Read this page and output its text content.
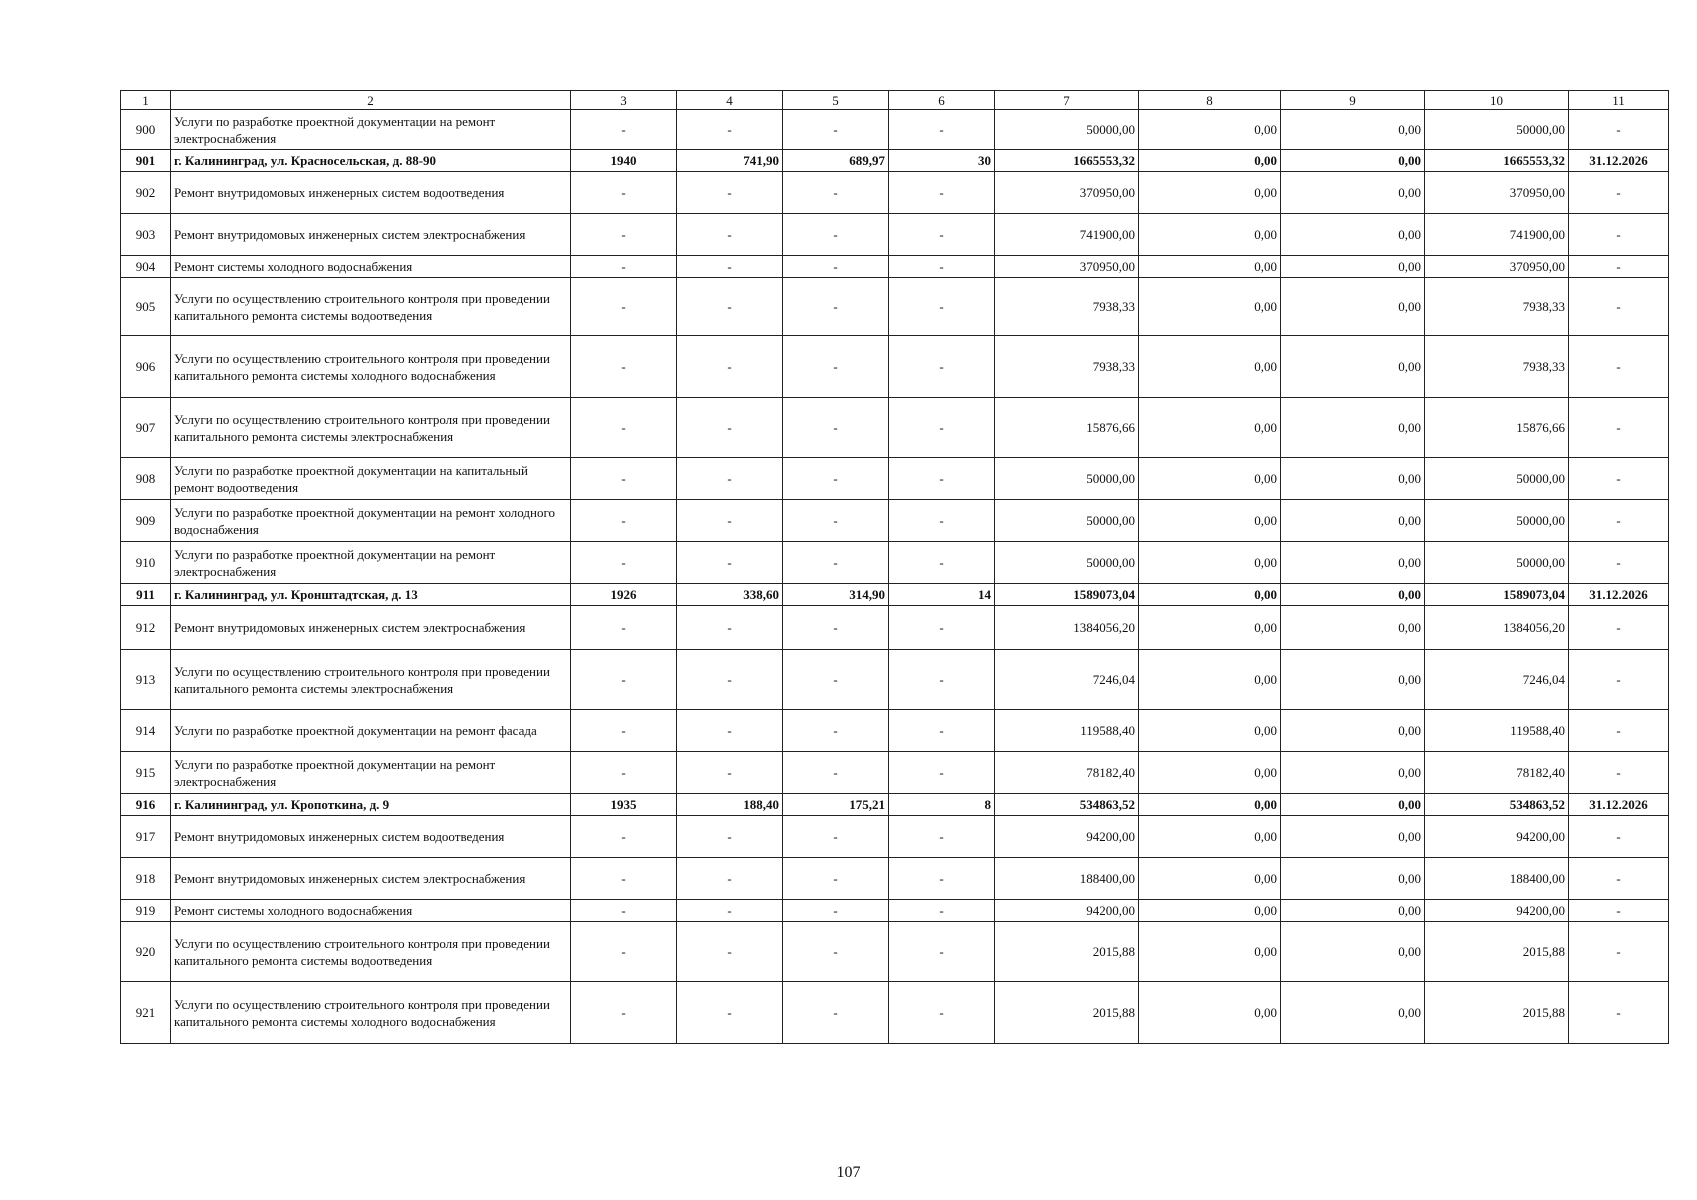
1	2	3	4	5	6	7	8	9	10	11
900	Услуги по разработке проектной документации на ремонт электроснабжения	-	-	-	-	50000,00	0,00	0,00	50000,00	-
901	г. Калининград, ул. Красносельская, д. 88-90	1940	741,90	689,97	30	1665553,32	0,00	0,00	1665553,32	31.12.2026
902	Ремонт внутридомовых инженерных систем водоотведения	-	-	-	-	370950,00	0,00	0,00	370950,00	-
903	Ремонт внутридомовых инженерных систем электроснабжения	-	-	-	-	741900,00	0,00	0,00	741900,00	-
904	Ремонт системы холодного водоснабжения	-	-	-	-	370950,00	0,00	0,00	370950,00	-
905	Услуги по осуществлению строительного контроля при проведении капитального ремонта системы водоотведения	-	-	-	-	7938,33	0,00	0,00	7938,33	-
906	Услуги по осуществлению строительного контроля при проведении капитального ремонта системы холодного водоснабжения	-	-	-	-	7938,33	0,00	0,00	7938,33	-
907	Услуги по осуществлению строительного контроля при проведении капитального ремонта системы электроснабжения	-	-	-	-	15876,66	0,00	0,00	15876,66	-
908	Услуги по разработке проектной документации на капитальный ремонт водоотведения	-	-	-	-	50000,00	0,00	0,00	50000,00	-
909	Услуги по разработке проектной документации на ремонт холодного водоснабжения	-	-	-	-	50000,00	0,00	0,00	50000,00	-
910	Услуги по разработке проектной документации на ремонт электроснабжения	-	-	-	-	50000,00	0,00	0,00	50000,00	-
911	г. Калининград, ул. Кронштадтская, д. 13	1926	338,60	314,90	14	1589073,04	0,00	0,00	1589073,04	31.12.2026
912	Ремонт внутридомовых инженерных систем электроснабжения	-	-	-	-	1384056,20	0,00	0,00	1384056,20	-
913	Услуги по осуществлению строительного контроля при проведении капитального ремонта системы электроснабжения	-	-	-	-	7246,04	0,00	0,00	7246,04	-
914	Услуги по разработке проектной документации на ремонт фасада	-	-	-	-	119588,40	0,00	0,00	119588,40	-
915	Услуги по разработке проектной документации на ремонт электроснабжения	-	-	-	-	78182,40	0,00	0,00	78182,40	-
916	г. Калининград, ул. Кропоткина, д. 9	1935	188,40	175,21	8	534863,52	0,00	0,00	534863,52	31.12.2026
917	Ремонт внутридомовых инженерных систем водоотведения	-	-	-	-	94200,00	0,00	0,00	94200,00	-
918	Ремонт внутридомовых инженерных систем электроснабжения	-	-	-	-	188400,00	0,00	0,00	188400,00	-
919	Ремонт системы холодного водоснабжения	-	-	-	-	94200,00	0,00	0,00	94200,00	-
920	Услуги по осуществлению строительного контроля при проведении капитального ремонта системы водоотведения	-	-	-	-	2015,88	0,00	0,00	2015,88	-
921	Услуги по осуществлению строительного контроля при проведении капитального ремонта системы холодного водоснабжения	-	-	-	-	2015,88	0,00	0,00	2015,88	-
107
